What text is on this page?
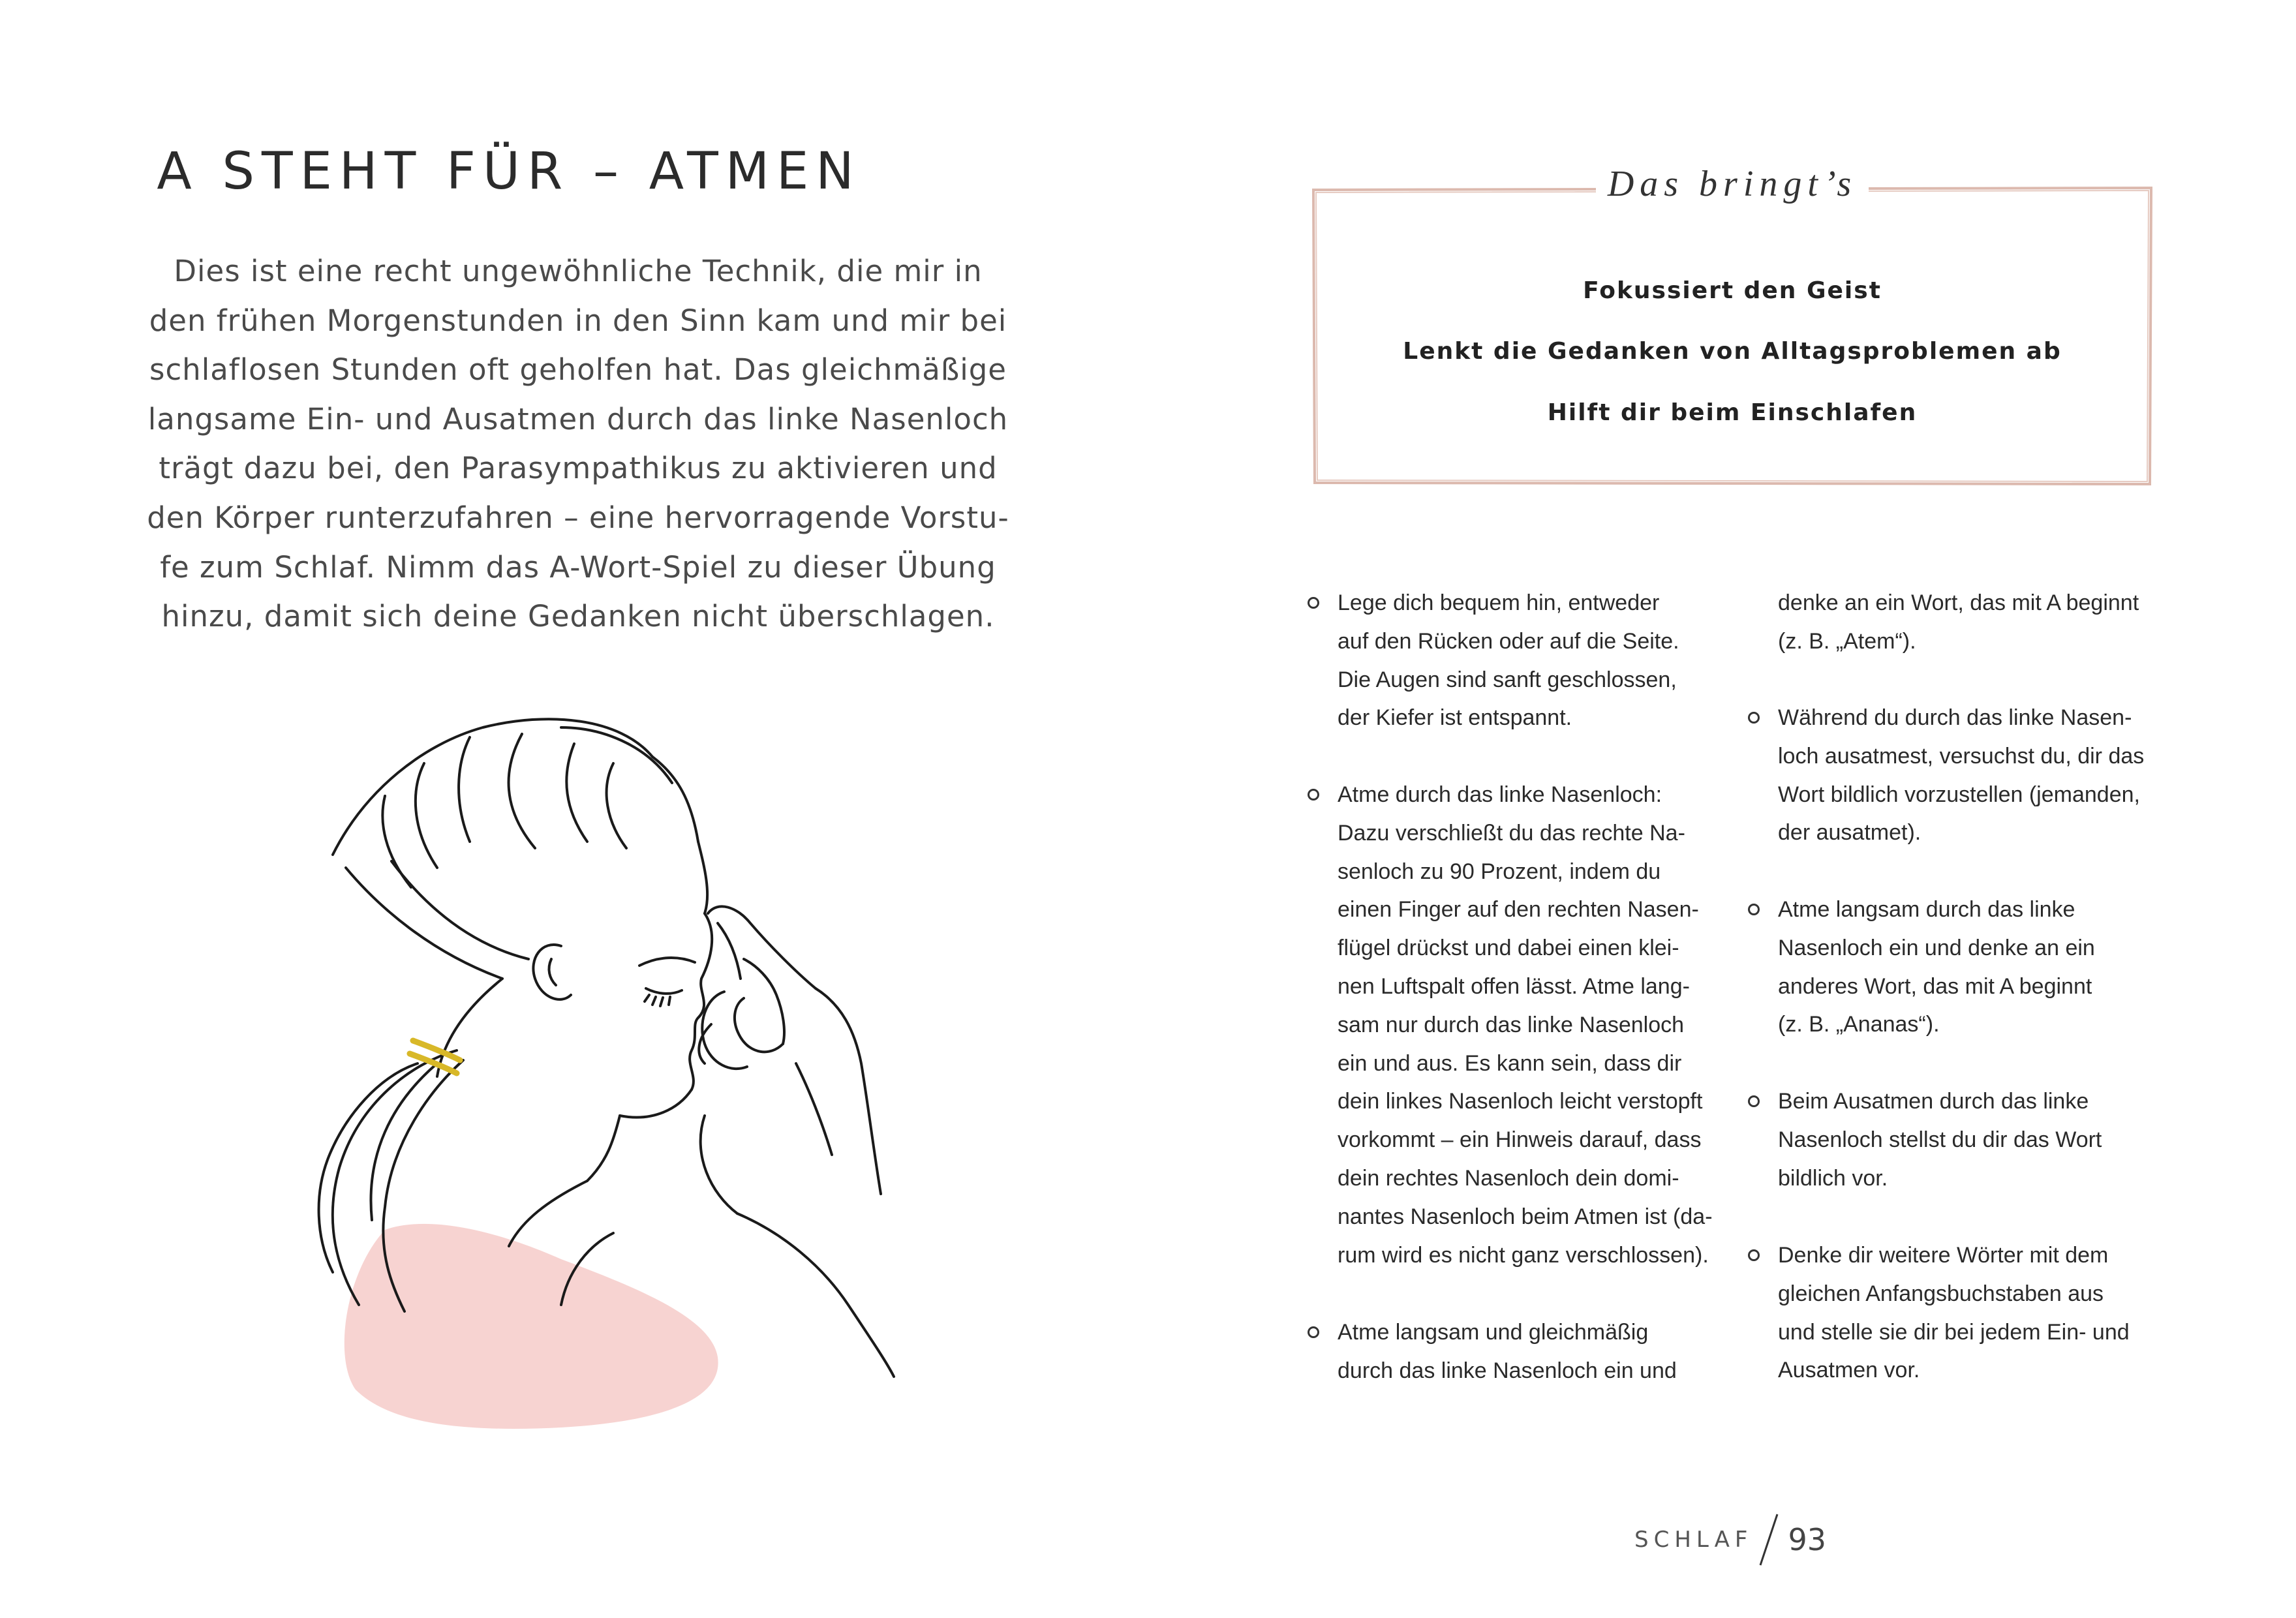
A STEHT FÜR – ATMEN
Dies ist eine recht ungewöhnliche Technik, die mir in
den frühen Morgenstunden in den Sinn kam und mir bei
schlaflosen Stunden oft geholfen hat. Das gleichmäßige
langsame Ein- und Ausatmen durch das linke Nasenloch
trägt dazu bei, den Parasympathikus zu aktivieren und
den Körper runterzufahren – eine hervorragende Vorstu-
fe zum Schlaf. Nimm das A-Wort-Spiel zu dieser Übung
hinzu, damit sich deine Gedanken nicht überschlagen.
Das bringt’s
Fokussiert den Geist
Lenkt die Gedanken von Alltagsproblemen ab
Hilft dir beim Einschlafen
Lege dich bequem hin, entweder
auf den Rücken oder auf die Seite.
Die Augen sind sanft geschlossen,
der Kiefer ist entspannt.
Atme durch das linke Nasenloch:
Dazu verschließt du das rechte Na-
senloch zu 90 Prozent, indem du
einen Finger auf den rechten Nasen-
flügel drückst und dabei einen klei-
nen Luftspalt offen lässt. Atme lang-
sam nur durch das linke Nasenloch
ein und aus. Es kann sein, dass dir
dein linkes Nasenloch leicht verstopft
vorkommt – ein Hinweis darauf, dass
dein rechtes Nasenloch dein domi-
nantes Nasenloch beim Atmen ist (da-
rum wird es nicht ganz verschlossen).
Atme langsam und gleichmäßig
durch das linke Nasenloch ein und
denke an ein Wort, das mit A beginnt
(z. B. „Atem“).
Während du durch das linke Nasen-
loch ausatmest, versuchst du, dir das
Wort bildlich vorzustellen (jemanden,
der ausatmet).
Atme langsam durch das linke
Nasenloch ein und denke an ein
anderes Wort, das mit A beginnt
(z. B. „Ananas“).
Beim Ausatmen durch das linke
Nasenloch stellst du dir das Wort
bildlich vor.
Denke dir weitere Wörter mit dem
gleichen Anfangsbuchstaben aus
und stelle sie dir bei jedem Ein- und
Ausatmen vor.
SCHLAF 93
